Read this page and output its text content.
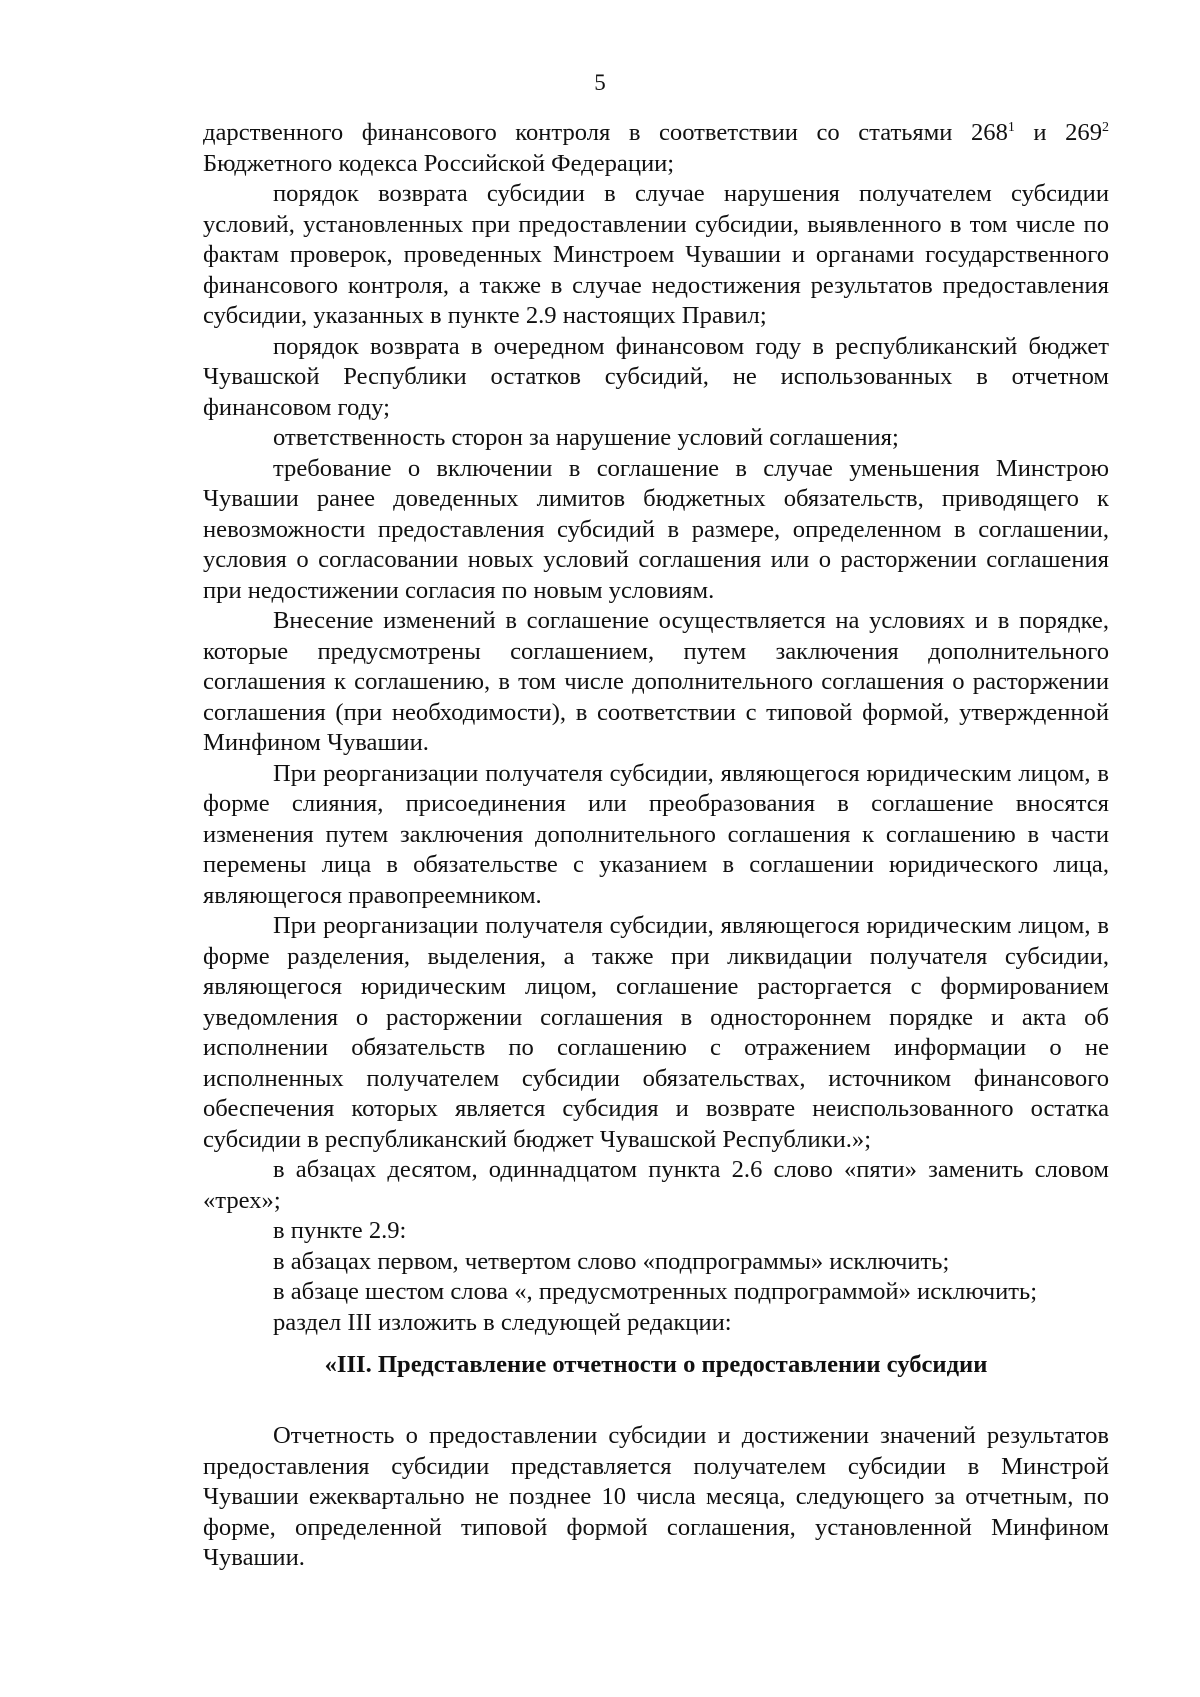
5

дарственного финансового контроля в соответствии со статьями $268^1$ и $269^2$ Бюджетного кодекса Российской Федерации;

порядок возврата субсидии в случае нарушения получателем субсидии условий, установленных при предоставлении субсидии, выявленного в том числе по фактам проверок, проведенных Минстроем Чувашии и органами государственного финансового контроля, а также в случае недостижения результатов предоставления субсидии, указанных в пункте 2.9 настоящих Правил;

порядок возврата в очередном финансовом году в республиканский бюджет Чувашской Республики остатков субсидий, не использованных в отчетном финансовом году;

ответственность сторон за нарушение условий соглашения;

требование о включении в соглашение в случае уменьшения Минстрою Чувашии ранее доведенных лимитов бюджетных обязательств, приводящего к невозможности предоставления субсидий в размере, определенном в соглашении, условия о согласовании новых условий соглашения или о расторжении соглашения при недостижении согласия по новым условиям.

Внесение изменений в соглашение осуществляется на условиях и в порядке, которые предусмотрены соглашением, путем заключения дополнительного соглашения к соглашению, в том числе дополнительного соглашения о расторжении соглашения (при необходимости), в соответствии с типовой формой, утвержденной Минфином Чувашии.

При реорганизации получателя субсидии, являющегося юридическим лицом, в форме слияния, присоединения или преобразования в соглашение вносятся изменения путем заключения дополнительного соглашения к соглашению в части перемены лица в обязательстве с указанием в соглашении юридического лица, являющегося правопреемником.

При реорганизации получателя субсидии, являющегося юридическим лицом, в форме разделения, выделения, а также при ликвидации получателя субсидии, являющегося юридическим лицом, соглашение расторгается с формированием уведомления о расторжении соглашения в одностороннем порядке и акта об исполнении обязательств по соглашению с отражением информации о не исполненных получателем субсидии обязательствах, источником финансового обеспечения которых является субсидия и возврате неиспользованного остатка субсидии в республиканский бюджет Чувашской Республики.»;

в абзацах десятом, одиннадцатом пункта 2.6 слово «пяти» заменить словом «трех»;

в пункте 2.9:

в абзацах первом, четвертом слово «подпрограммы» исключить;

в абзаце шестом слова «, предусмотренных подпрограммой» исключить;

раздел III изложить в следующей редакции:

«III. Представление отчетности о предоставлении субсидии

Отчетность о предоставлении субсидии и достижении значений результатов предоставления субсидии представляется получателем субсидии в Минстрой Чувашии ежеквартально не позднее 10 числа месяца, следующего за отчетным, по форме, определенной типовой формой соглашения, установленной Минфином Чувашии.
